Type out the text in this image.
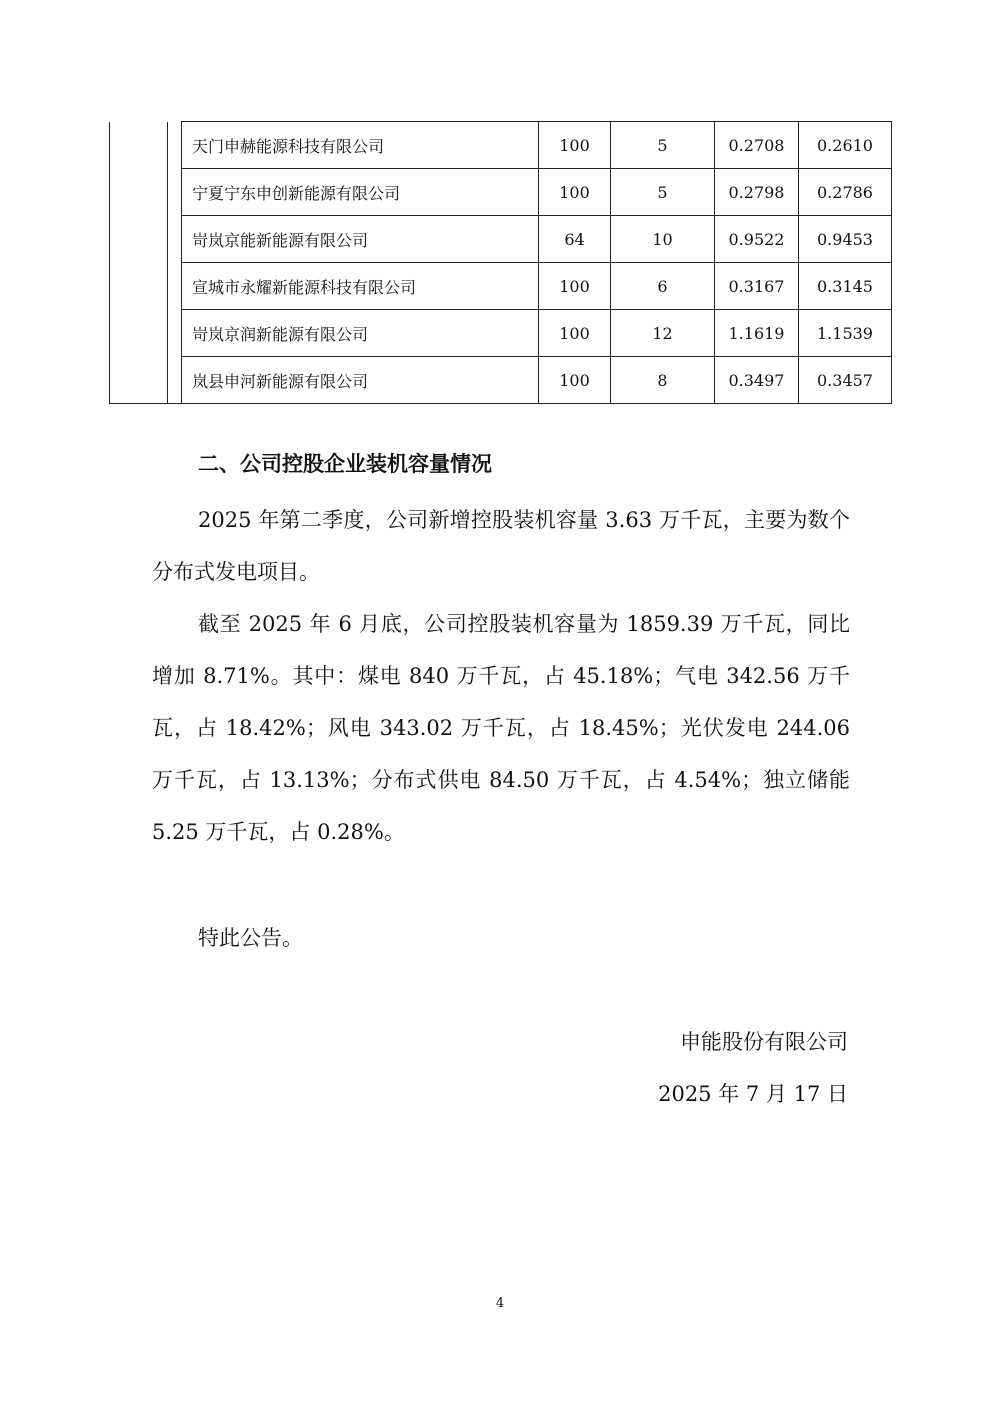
		天门申赫能源科技有限公司	100	5	0.2708	0.2610
		宁夏宁东申创新能源有限公司	100	5	0.2798	0.2786
		岢岚京能新能源有限公司	64	10	0.9522	0.9453
		宣城市永耀新能源科技有限公司	100	6	0.3167	0.3145
		岢岚京润新能源有限公司	100	12	1.1619	1.1539
		岚县申河新能源有限公司	100	8	0.3497	0.3457

二、公司控股企业装机容量情况

2025 年第二季度，公司新增控股装机容量 3.63 万千瓦，主要为数个分布式发电项目。

截至 2025 年 6 月底，公司控股装机容量为 1859.39 万千瓦，同比增加 8.71%。其中：煤电 840 万千瓦，占 45.18%；气电 342.56 万千瓦，占 18.42%；风电 343.02 万千瓦，占 18.45%；光伏发电 244.06 万千瓦，占 13.13%；分布式供电 84.50 万千瓦，占 4.54%；独立储能 5.25 万千瓦，占 0.28%。

特此公告。

申能股份有限公司

2025 年 7 月 17 日

4
